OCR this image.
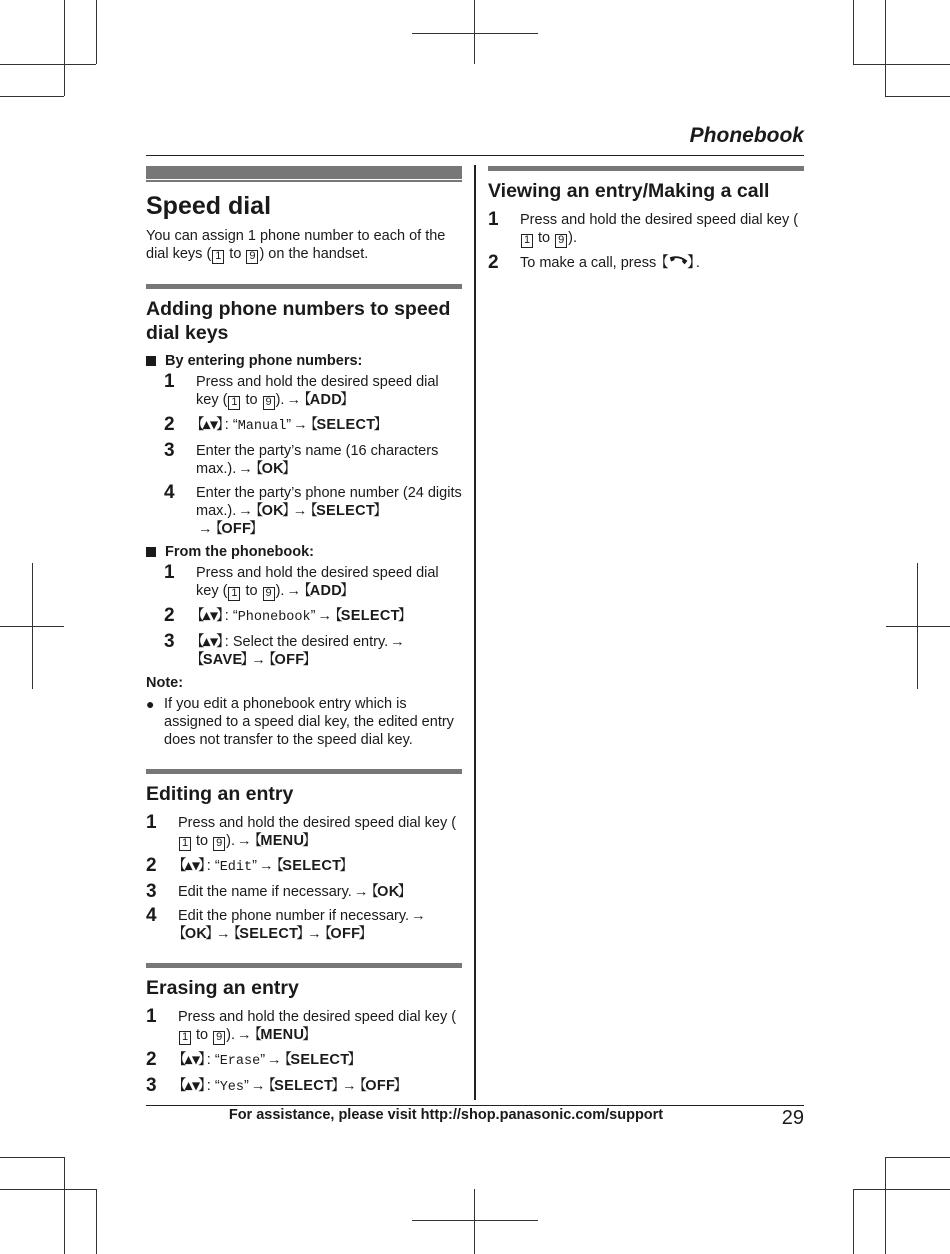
Phonebook
Speed dial

You can assign 1 phone number to each of the dial keys ( 1 to 9 ) on the handset.

Adding phone numbers to speed dial keys
By entering phone numbers:
1	Press and hold the desired speed dial key ( 1 to 9 ). → 【 ADD 】
2	【 ▴▾ 】 : “Manual” → 【 SELECT 】
3	Enter the party’s name (16 characters max.). → 【 OK 】
4	Enter the party’s phone number (24 digits max.). → 【 OK 】 → 【 SELECT 】
→ 【 OFF 】
From the phonebook:
1	Press and hold the desired speed dial key ( 1 to 9 ). → 【 ADD 】
2	【 ▴▾ 】 : “Phonebook” → 【 SELECT 】
3	【 ▴▾ 】 : Select the desired entry. →
【 SAVE 】 → 【 OFF 】
Note:
● If you edit a phonebook entry which is assigned to a speed dial key, the edited entry does not transfer to the speed dial key.
Editing an entry
1	Press and hold the desired speed dial key (1 to 9 ). → 【 MENU 】
2	【 ▴▾ 】 : “Edit” → 【 SELECT 】
3	Edit the name if necessary. → 【 OK 】
4	Edit the phone number if necessary. →
【 OK 】 → 【 SELECT 】 → 【 OFF 】
Erasing an entry
1	Press and hold the desired speed dial key (1 to 9 ). → 【 MENU 】
2	【 ▴▾ 】 : “Erase” → 【 SELECT 】
3	【 ▴▾ 】 : “Yes” → 【 SELECT 】 → 【 OFF 】
Viewing an entry/Making a call
1	Press and hold the desired speed dial key (1 to 9 ).
2	To make a call, press 【  】.
For assistance, please visit http://shop.panasonic.com/support	29
